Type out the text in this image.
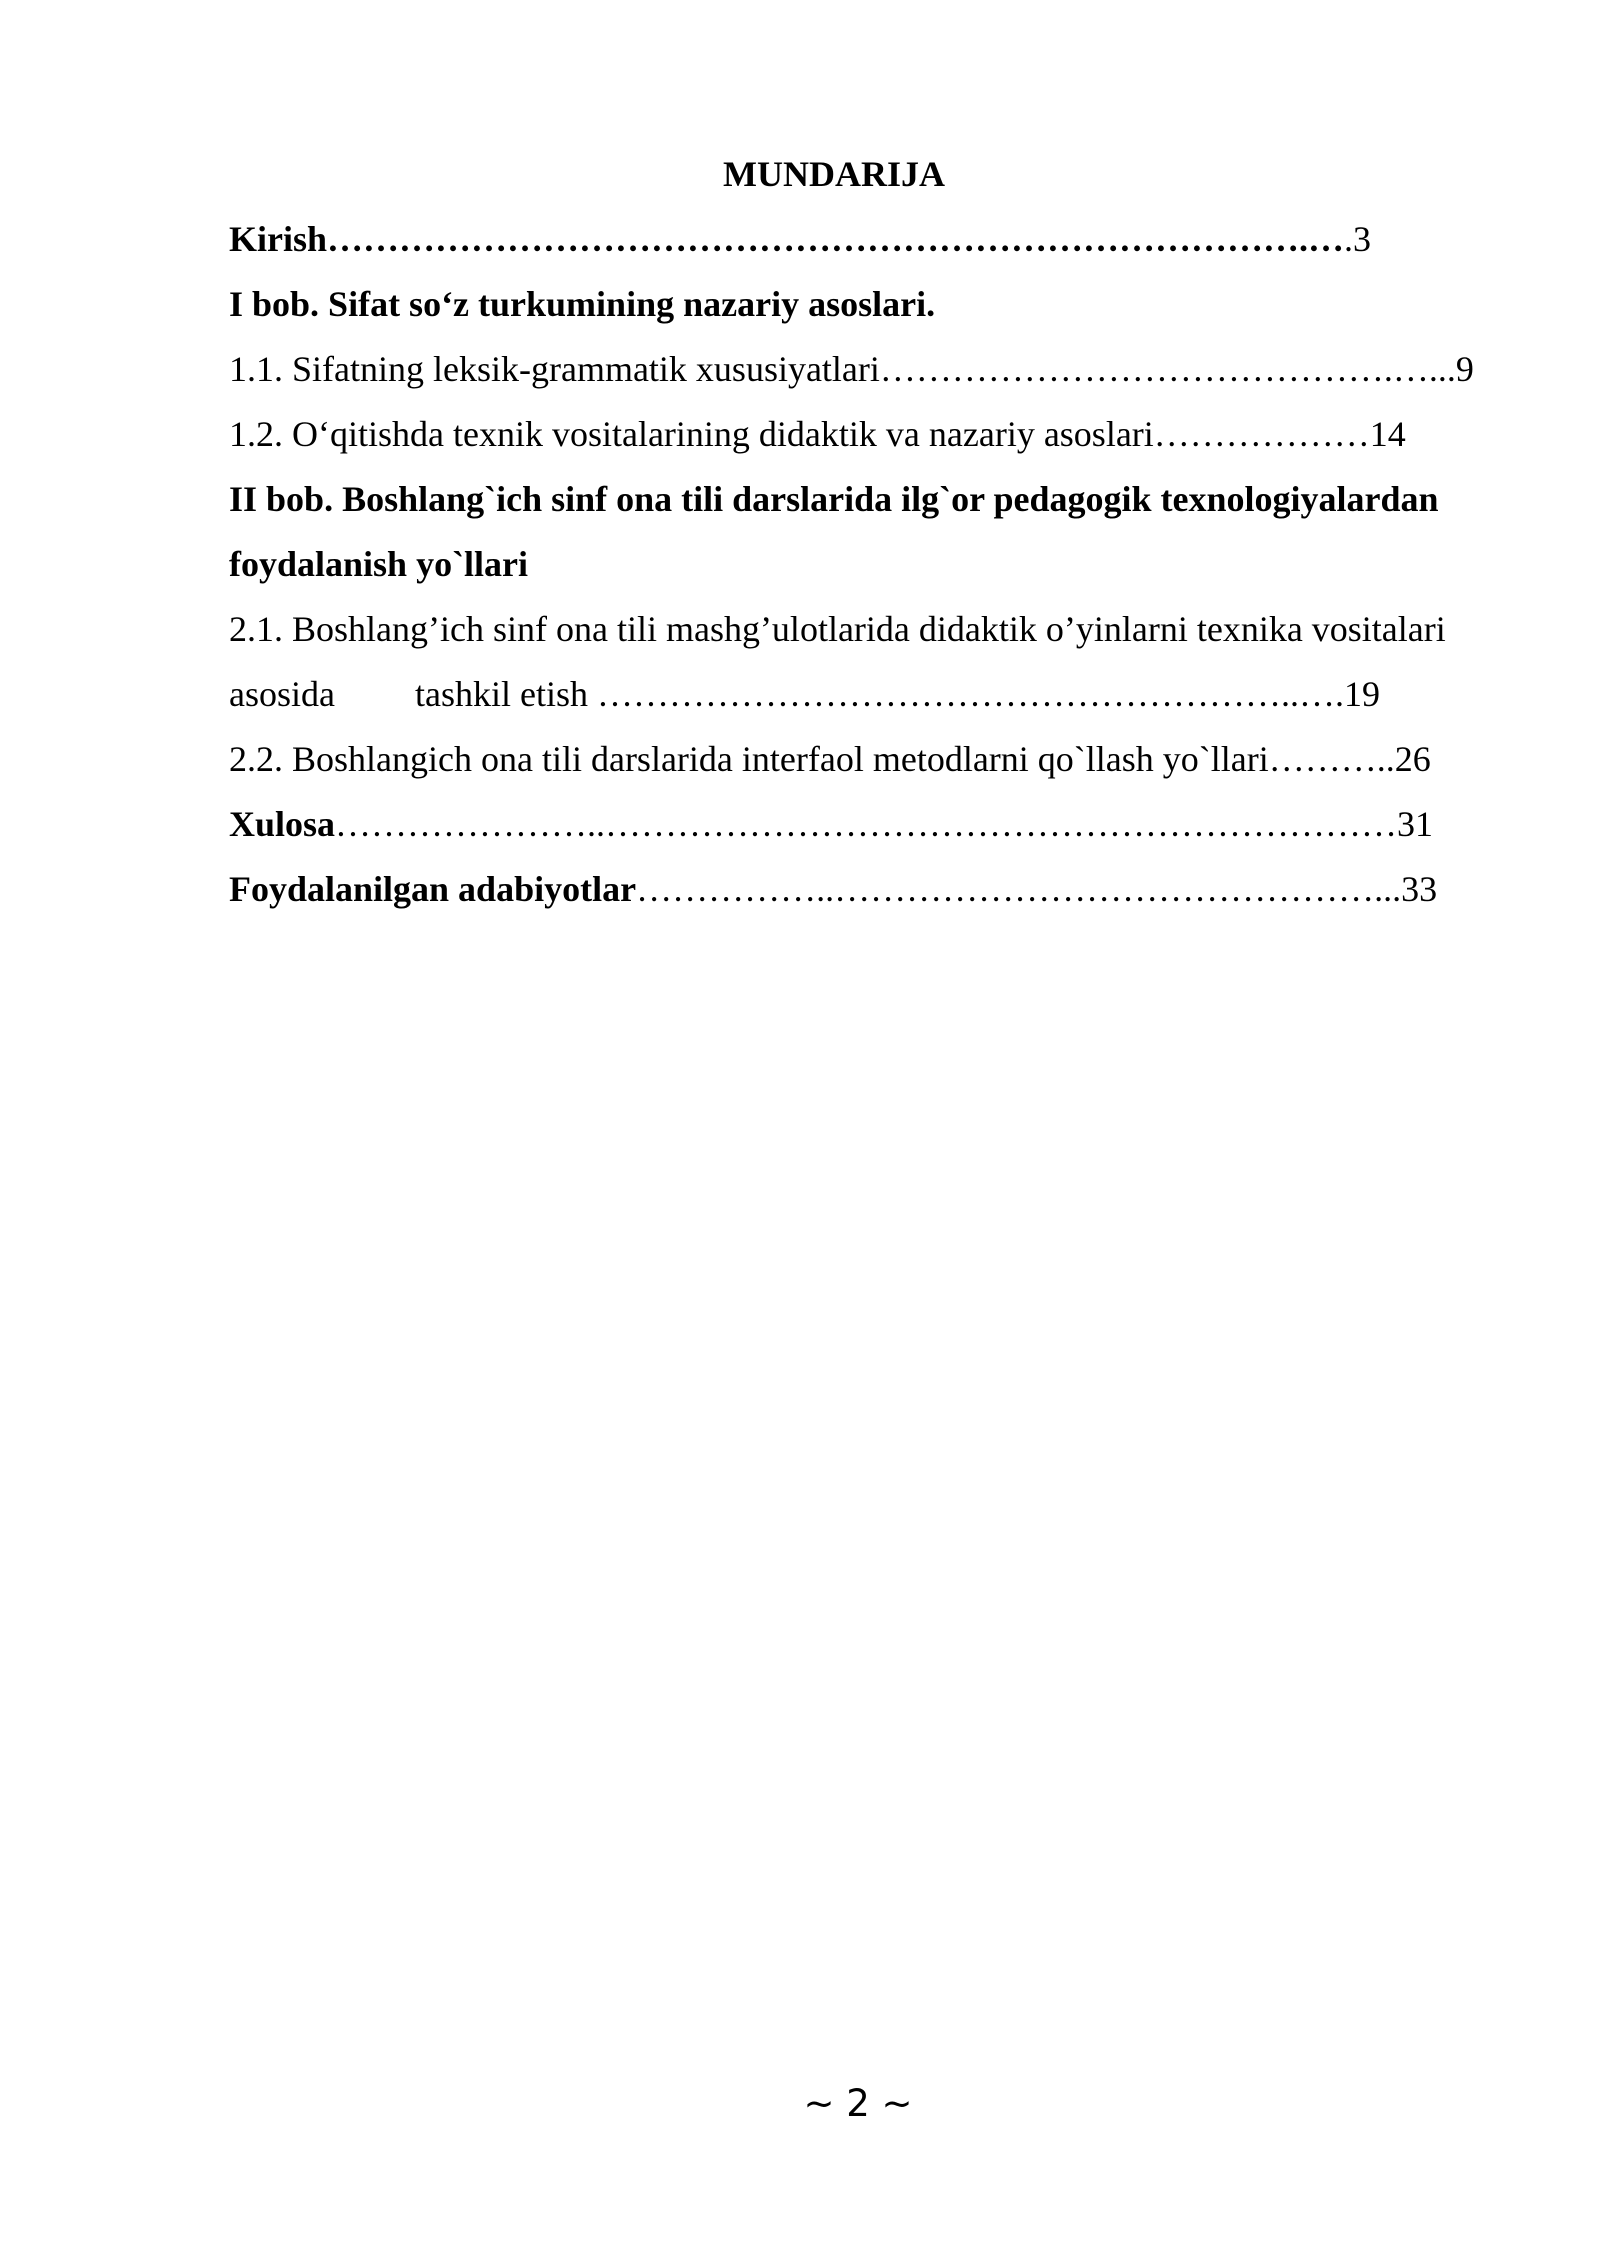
MUNDARIJA
Kirish……………………………………………………………………….….3
I bob. Sifat so‘z turkumining nazariy asoslari.
1.1. Sifatning leksik-grammatik xususiyatlari…………………………………….…...9
1.2. O‘qitishda texnik vositalarining didaktik va nazariy asoslari………………14
II bob. Boshlang`ich sinf ona tili darslarida ilg`or pedagogik texnologiyalardan
foydalanish yo`llari
2.1. Boshlang’ich sinf ona tili mashg’ulotlarida didaktik o’yinlarni texnika vositalari
asosida tashkil etish …………………………………………………..….19
2.2. Boshlangich ona tili darslarida interfaol metodlarni qo`llash yo`llari………..26
Xulosa…………………..…………………………………………………………31
Foydalanilgan adabiyotlar……………..………………………………………...33
~ 2 ~
